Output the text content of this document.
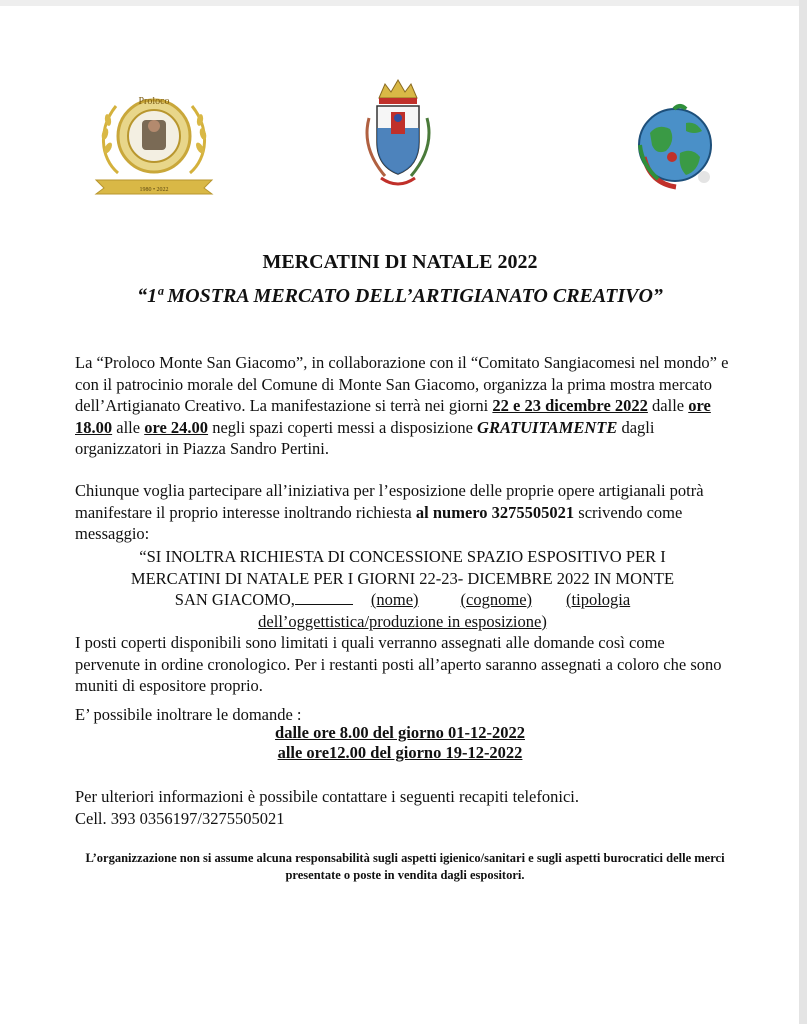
Proloco
1980 • 2022
MERCATINI DI NATALE 2022
“1ª MOSTRA MERCATO DELL’ARTIGIANATO CREATIVO”

La “Proloco Monte San Giacomo”, in collaborazione con il “Comitato Sangiacomesi nel mondo” e con il patrocinio morale del Comune di Monte San Giacomo, organizza la prima mostra mercato dell’Artigianato Creativo. La manifestazione si terrà nei giorni 22 e 23 dicembre 2022 dalle ore 18.00 alle ore 24.00 negli spazi coperti messi a disposizione GRATUITAMENTE dagli organizzatori in Piazza Sandro Pertini.

Chiunque voglia partecipare all’iniziativa per l’esposizione delle proprie opere artigianali potrà manifestare il proprio interesse inoltrando richiesta al numero 3275505021 scrivendo come messaggio:

“SI INOLTRA RICHIESTA DI CONCESSIONE SPAZIO ESPOSITIVO PER I
MERCATINI DI NATALE PER I GIORNI 22-23- DICEMBRE 2022 IN MONTE
SAN GIACOMO,	(nome)	(cognome) (tipologia
dell’oggettistica/produzione in esposizione)

I posti coperti disponibili sono limitati i quali verranno assegnati alle domande così come pervenute in ordine cronologico. Per i restanti posti all’aperto saranno assegnati a coloro che sono muniti di espositore proprio.

E’ possibile inoltrare le domande :

dalle ore 8.00 del giorno 01-12-2022
alle ore12.00 del giorno 19-12-2022

Per ulteriori informazioni è possibile contattare i seguenti recapiti telefonici.
Cell. 393 0356197/3275505021

L’organizzazione non si assume alcuna responsabilità sugli aspetti igienico/sanitari e sugli aspetti burocratici delle merci presentate o poste in vendita dagli espositori.
